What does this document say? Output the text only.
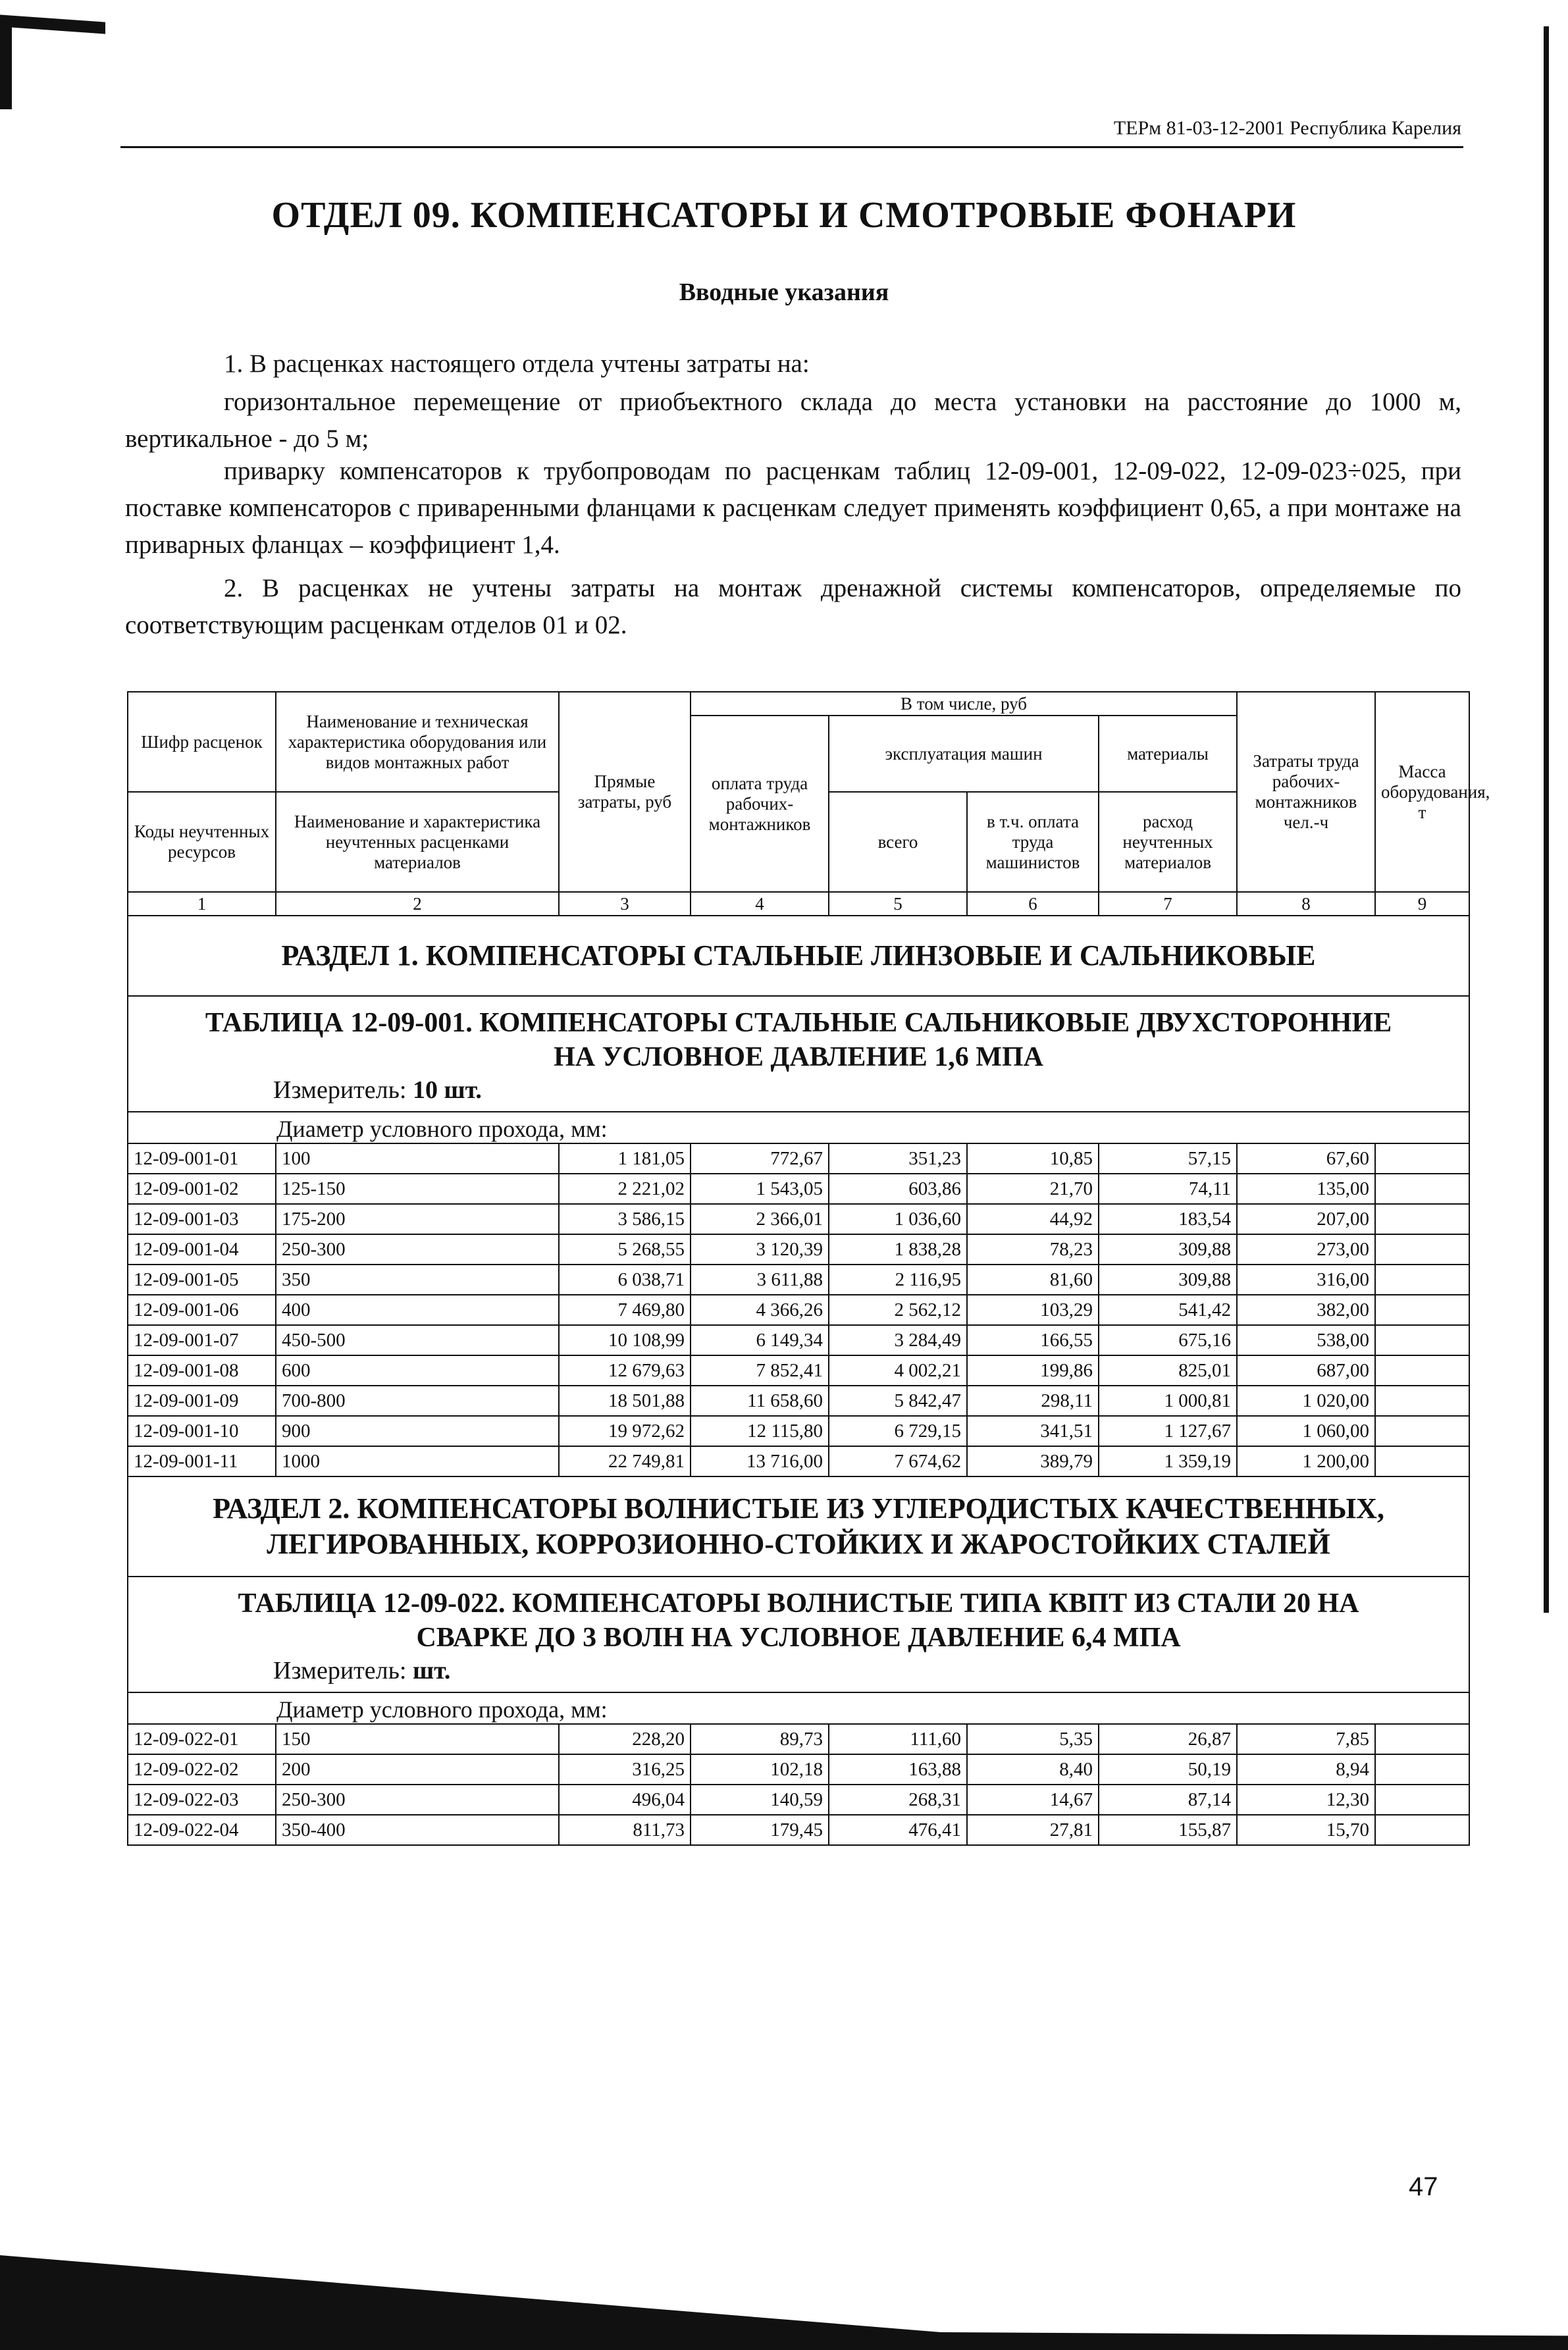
ТЕРм 81-03-12-2001 Республика Карелия
ОТДЕЛ 09. КОМПЕНСАТОРЫ И СМОТРОВЫЕ ФОНАРИ
Вводные указания
1. В расценках настоящего отдела учтены затраты на:
горизонтальное перемещение от приобъектного склада до места установки на расстояние до 1000 м, вертикальное - до 5 м;
приварку компенсаторов к трубопроводам по расценкам таблиц 12-09-001, 12-09-022, 12-09-023÷025, при поставке компенсаторов с приваренными фланцами к расценкам следует применять коэффициент 0,65, а при монтаже на приварных фланцах – коэффициент 1,4.
2. В расценках не учтены затраты на монтаж дренажной системы компенсаторов, определяемые по соответствующим расценкам отделов 01 и 02.
Шифр расценок	Наименование и техническая характеристика оборудования или видов монтажных работ	Прямые затраты, руб	В том числе, руб				Затраты труда рабочих-монтажников чел.-ч	Масса оборудования, т
			оплата труда рабочих-монтажников	эксплуатация машин		материалы		
Коды неучтенных ресурсов	Наименование и характеристика неучтенных расценками материалов			всего	в т.ч. оплата труда машинистов	расход неучтенных материалов		

1	2	3	4	5	6	7	8	9
РАЗДЕЛ 1. КОМПЕНСАТОРЫ СТАЛЬНЫЕ ЛИНЗОВЫЕ И САЛЬНИКОВЫЕ								

ТАБЛИЦА 12-09-001. КОМПЕНСАТОРЫ СТАЛЬНЫЕ САЛЬНИКОВЫЕ ДВУХСТОРОННИЕ
НА УСЛОВНОЕ ДАВЛЕНИЕ 1,6 МПА
Измеритель: 10 шт.								

Диаметр условного прохода, мм:								
12-09-001-01	100	1 181,05	772,67	351,23	10,85	57,15	67,60	
12-09-001-02	125-150	2 221,02	1 543,05	603,86	21,70	74,11	135,00	
12-09-001-03	175-200	3 586,15	2 366,01	1 036,60	44,92	183,54	207,00	
12-09-001-04	250-300	5 268,55	3 120,39	1 838,28	78,23	309,88	273,00	
12-09-001-05	350	6 038,71	3 611,88	2 116,95	81,60	309,88	316,00	
12-09-001-06	400	7 469,80	4 366,26	2 562,12	103,29	541,42	382,00	
12-09-001-07	450-500	10 108,99	6 149,34	3 284,49	166,55	675,16	538,00	
12-09-001-08	600	12 679,63	7 852,41	4 002,21	199,86	825,01	687,00	
12-09-001-09	700-800	18 501,88	11 658,60	5 842,47	298,11	1 000,81	1 020,00	
12-09-001-10	900	19 972,62	12 115,80	6 729,15	341,51	1 127,67	1 060,00	
12-09-001-11	1000	22 749,81	13 716,00	7 674,62	389,79	1 359,19	1 200,00	

РАЗДЕЛ 2. КОМПЕНСАТОРЫ ВОЛНИСТЫЕ ИЗ УГЛЕРОДИСТЫХ КАЧЕСТВЕННЫХ,
ЛЕГИРОВАННЫХ, КОРРОЗИОННО-СТОЙКИХ И ЖАРОСТОЙКИХ СТАЛЕЙ								

ТАБЛИЦА 12-09-022. КОМПЕНСАТОРЫ ВОЛНИСТЫЕ ТИПА КВПТ ИЗ СТАЛИ 20 НА
СВАРКЕ ДО 3 ВОЛН НА УСЛОВНОЕ ДАВЛЕНИЕ 6,4 МПА
Измеритель: шт.								

Диаметр условного прохода, мм:								
12-09-022-01	150	228,20	89,73	111,60	5,35	26,87	7,85	
12-09-022-02	200	316,25	102,18	163,88	8,40	50,19	8,94	
12-09-022-03	250-300	496,04	140,59	268,31	14,67	87,14	12,30	
12-09-022-04	350-400	811,73	179,45	476,41	27,81	155,87	15,70	
47
